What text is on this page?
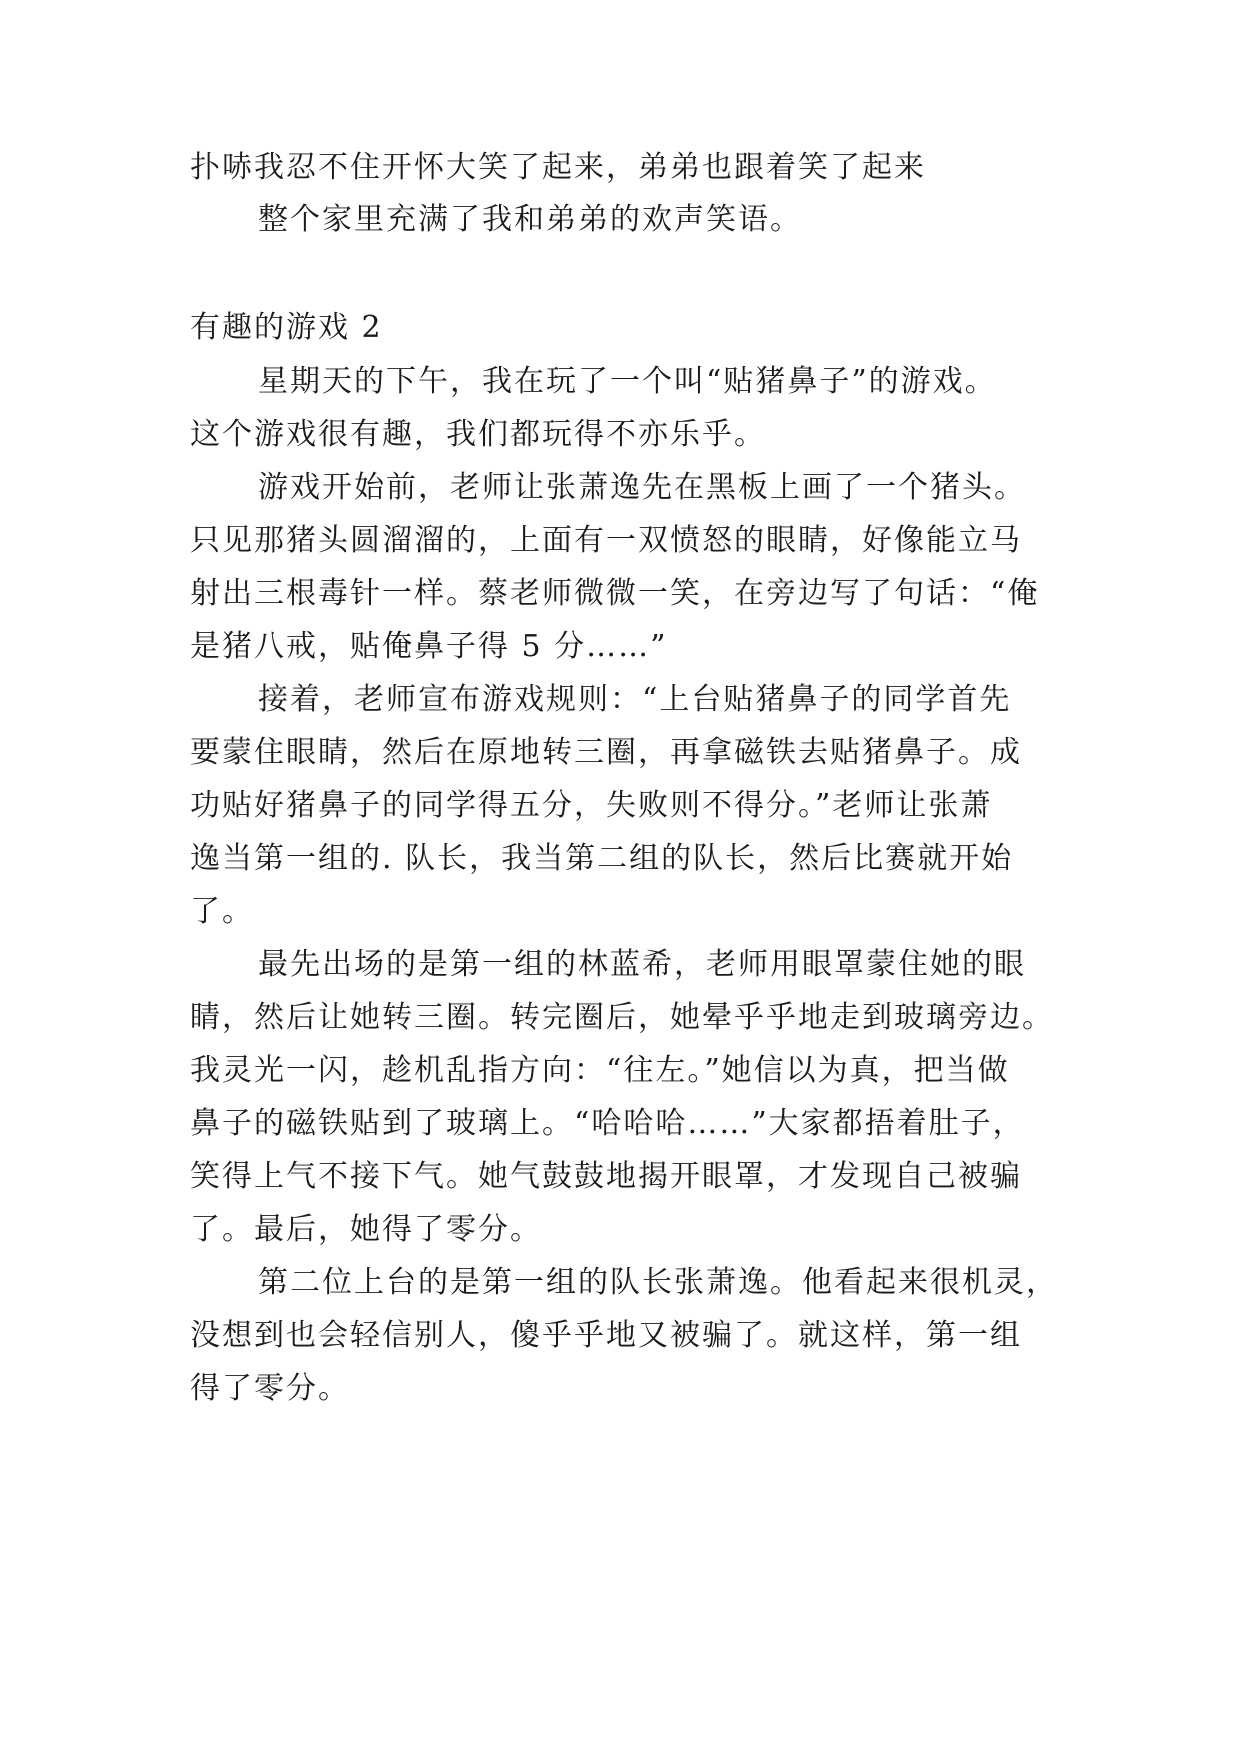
扑哧我忍不住开怀大笑了起来，弟弟也跟着笑了起来
整个家里充满了我和弟弟的欢声笑语。
有趣的游戏 2
星期天的下午，我在玩了一个叫“贴猪鼻子”的游戏。
这个游戏很有趣，我们都玩得不亦乐乎。
游戏开始前，老师让张萧逸先在黑板上画了一个猪头。
只见那猪头圆溜溜的，上面有一双愤怒的眼睛，好像能立马
射出三根毒针一样。蔡老师微微一笑，在旁边写了句话：“俺
是猪八戒，贴俺鼻子得 5 分……”
接着，老师宣布游戏规则：“上台贴猪鼻子的同学首先
要蒙住眼睛，然后在原地转三圈，再拿磁铁去贴猪鼻子。成
功贴好猪鼻子的同学得五分，失败则不得分。”老师让张萧
逸当第一组的. 队长，我当第二组的队长，然后比赛就开始
了。
最先出场的是第一组的林蓝希，老师用眼罩蒙住她的眼
睛，然后让她转三圈。转完圈后，她晕乎乎地走到玻璃旁边。
我灵光一闪，趁机乱指方向：“往左。”她信以为真，把当做
鼻子的磁铁贴到了玻璃上。“哈哈哈……”大家都捂着肚子，
笑得上气不接下气。她气鼓鼓地揭开眼罩，才发现自己被骗
了。最后，她得了零分。
第二位上台的是第一组的队长张萧逸。他看起来很机灵，
没想到也会轻信别人，傻乎乎地又被骗了。就这样，第一组
得了零分。
